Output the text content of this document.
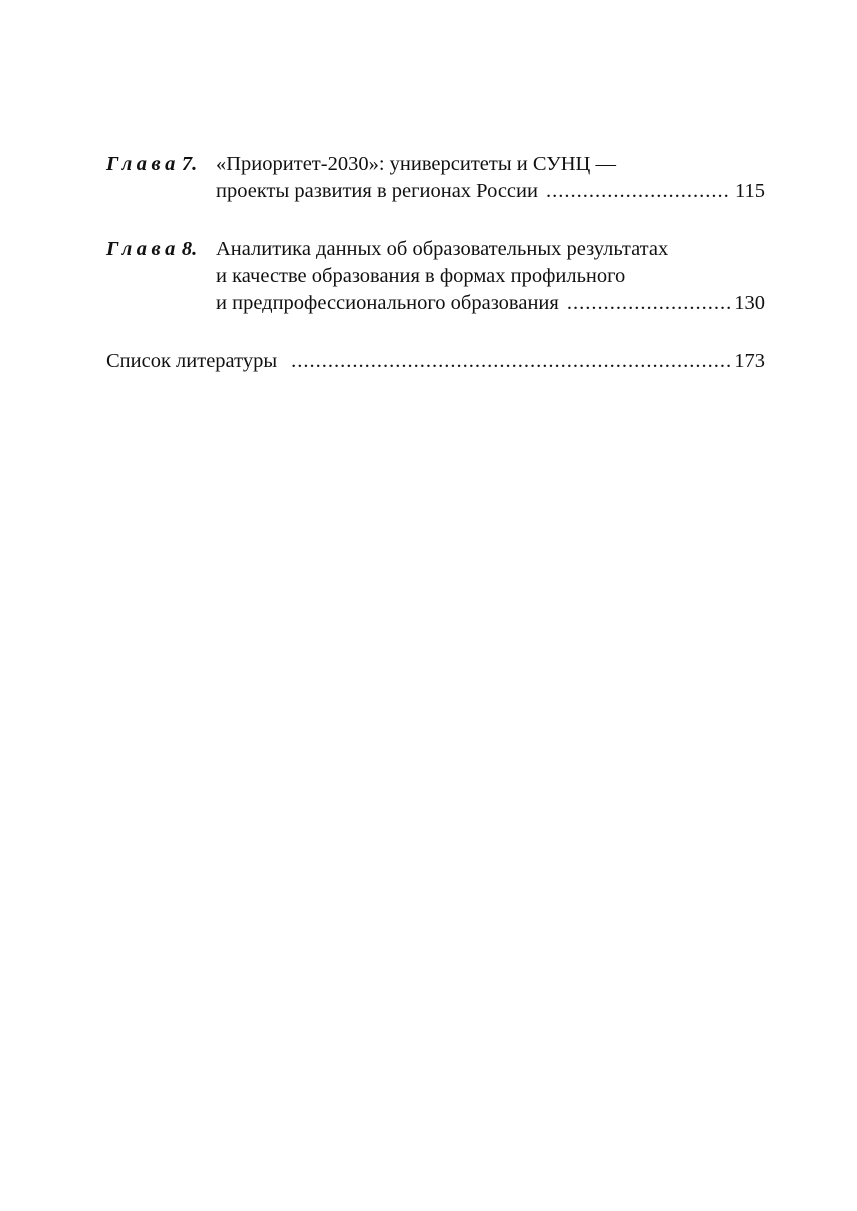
Глава7. «Приоритет-2030»: университеты и СУНЦ —
проекты развития в регионах России .....	115
Глава8. Аналитика данных об образовательных результатах
и качестве образования в формах профильного
и предпрофессионального образования .....	130
Список литературы .....	173
